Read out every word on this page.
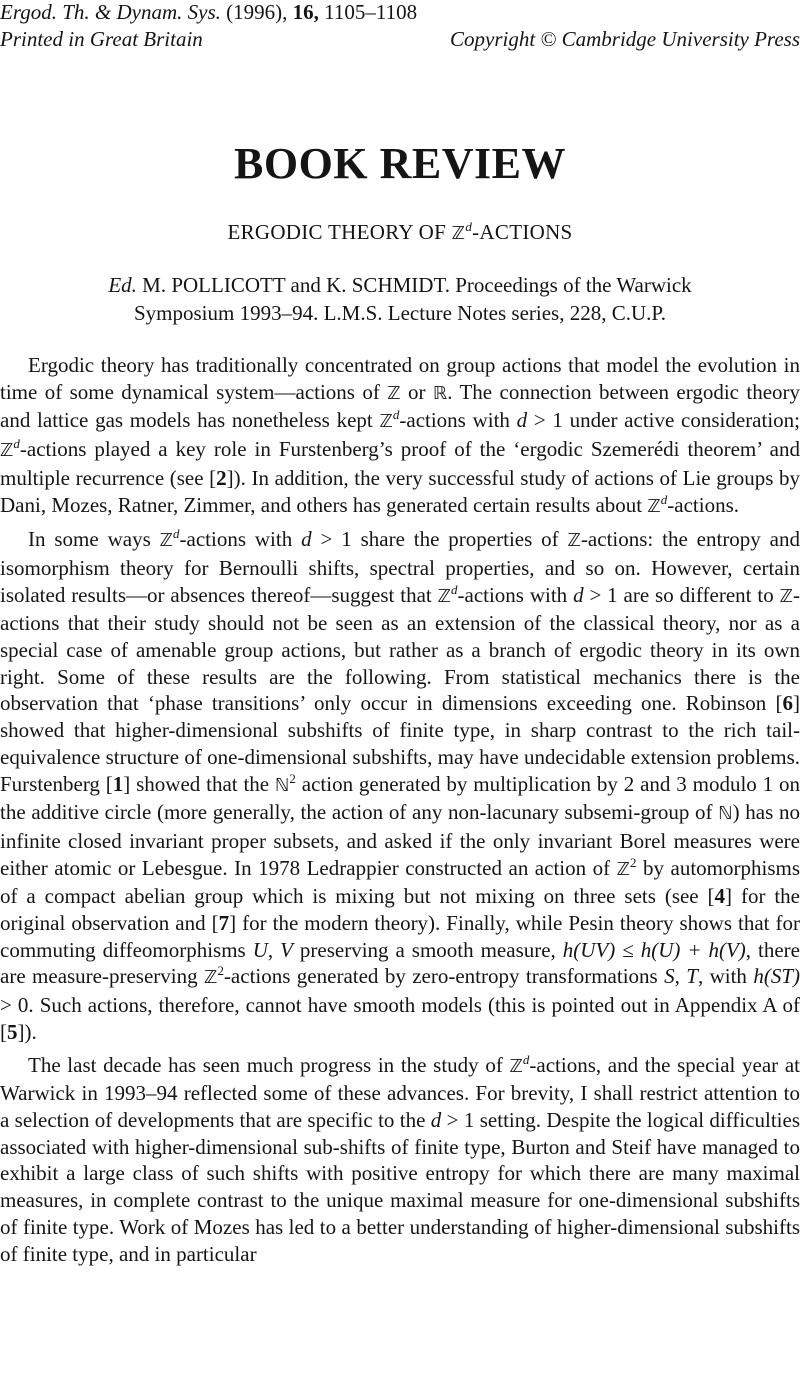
Ergod. Th. & Dynam. Sys. (1996), 16, 1105–1108
Printed in Great Britain	Copyright © Cambridge University Press
BOOK REVIEW
ERGODIC THEORY OF ℤ$^d$-ACTIONS
Ed. M. POLLICOTT and K. SCHMIDT. Proceedings of the Warwick
Symposium 1993–94. L.M.S. Lecture Notes series, 228, C.U.P.

Ergodic theory has traditionally concentrated on group actions that model the evolution in time of some dynamical system—actions of ℤ or ℝ. The connection between ergodic theory and lattice gas models has nonetheless kept ℤ$^d$-actions with d > 1 under active consideration; ℤ$^d$-actions played a key role in Furstenberg’s proof of the ‘ergodic Szemerédi theorem’ and multiple recurrence (see [2]). In addition, the very successful study of actions of Lie groups by Dani, Mozes, Ratner, Zimmer, and others has generated certain results about ℤ$^d$-actions.

In some ways ℤ$^d$-actions with d > 1 share the properties of ℤ-actions: the entropy and isomorphism theory for Bernoulli shifts, spectral properties, and so on. However, certain isolated results—or absences thereof—suggest that ℤ$^d$-actions with d > 1 are so different to ℤ-actions that their study should not be seen as an extension of the classical theory, nor as a special case of amenable group actions, but rather as a branch of ergodic theory in its own right. Some of these results are the following. From statistical mechanics there is the observation that ‘phase transitions’ only occur in dimensions exceeding one. Robinson [6] showed that higher-dimensional subshifts of finite type, in sharp contrast to the rich tail-equivalence structure of one-dimensional subshifts, may have undecidable extension problems. Furstenberg [1] showed that the ℕ$^2$ action generated by multiplication by 2 and 3 modulo 1 on the additive circle (more generally, the action of any non-lacunary subsemi-group of ℕ) has no infinite closed invariant proper subsets, and asked if the only invariant Borel measures were either atomic or Lebesgue. In 1978 Ledrappier constructed an action of ℤ$^2$ by automorphisms of a compact abelian group which is mixing but not mixing on three sets (see [4] for the original observation and [7] for the modern theory). Finally, while Pesin theory shows that for commuting diffeomorphisms U, V preserving a smooth measure, h(UV) ≤ h(U) + h(V), there are measure-preserving ℤ$^2$-actions generated by zero-entropy transformations S, T, with h(ST) > 0. Such actions, therefore, cannot have smooth models (this is pointed out in Appendix A of [5]).

The last decade has seen much progress in the study of ℤ$^d$-actions, and the special year at Warwick in 1993–94 reflected some of these advances. For brevity, I shall restrict attention to a selection of developments that are specific to the d > 1 setting. Despite the logical difficulties associated with higher-dimensional sub-shifts of finite type, Burton and Steif have managed to exhibit a large class of such shifts with positive entropy for which there are many maximal measures, in complete contrast to the unique maximal measure for one-dimensional subshifts of finite type. Work of Mozes has led to a better understanding of higher-dimensional subshifts of finite type, and in particular
